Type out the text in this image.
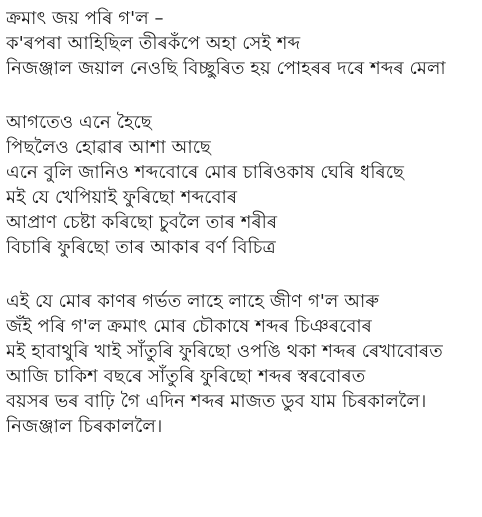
ক্ৰমাৎ জয় পৰি গ'ল –
ক'ৰপৰা আহিছিল তীৰকঁপে অহা সেই শব্দ
নিজঞ্জাল জয়াল নেওছি বিচ্ছুৰিত হয় পোহৰৰ দৰে শব্দৰ মেলা
আগতেও এনে হৈছে
পিছলৈও হোৱাৰ আশা আছে
এনে বুলি জানিও শব্দবোৰে মোৰ চাৰিওকাষ ঘেৰি ধৰিছে
মই যে খেপিয়াই ফুৰিছো শব্দবোৰ
আপ্ৰাণ চেষ্টা কৰিছো চুবলৈ তাৰ শৰীৰ
বিচাৰি ফুৰিছো তাৰ আকাৰ বৰ্ণ বিচিত্ৰ
এই যে মোৰ কাণৰ গৰ্ভত লাহে লাহে জীণ গ'ল আৰু
জঁই পৰি গ'ল ক্ৰমাৎ মোৰ চৌকাষে শব্দৰ চিঞৰবোৰ
মই হাবাথুৰি খাই সাঁতুৰি ফুৰিছো ওপঙি থকা শব্দৰ ৰেখাবোৰত
আজি চাকিশ বছৰে সাঁতুৰি ফুৰিছো শব্দৰ স্বৰবোৰত
বয়সৰ ভৰ বাঢ়ি গৈ এদিন শব্দৰ মাজত ডুব যাম চিৰকাললৈ।
নিজঞ্জাল চিৰকাললৈ।
